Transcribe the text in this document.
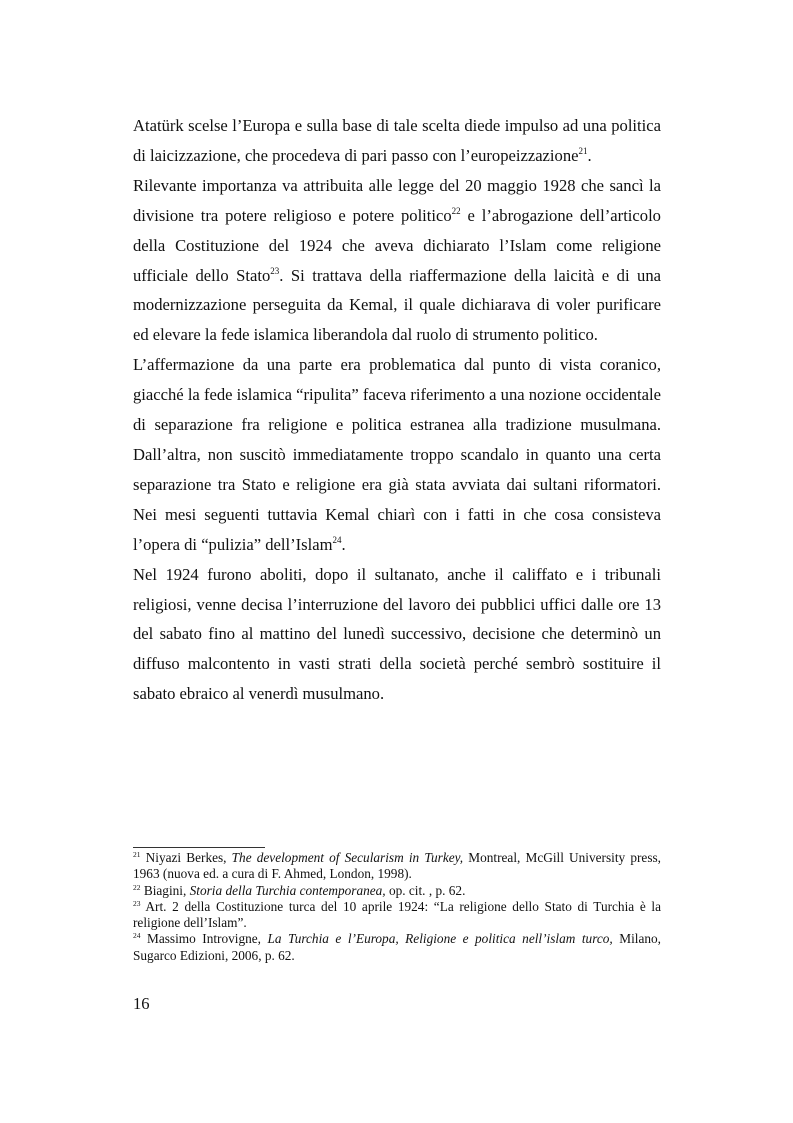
Atatürk scelse l’Europa e sulla base di tale scelta diede impulso ad una politica di laicizzazione, che procedeva di pari passo con l’europeizzazione$^{21}$.

Rilevante importanza va attribuita alle legge del 20 maggio 1928 che sancì la divisione tra potere religioso e potere politico$^{22}$ e l’abrogazione dell’articolo della Costituzione del 1924 che aveva dichiarato l’Islam come religione ufficiale dello Stato$^{23}$. Si trattava della riaffermazione della laicità e di una modernizzazione perseguita da Kemal, il quale dichiarava di voler purificare ed elevare la fede islamica liberandola dal ruolo di strumento politico.

L’affermazione da una parte era problematica dal punto di vista coranico, giacché la fede islamica “ripulita” faceva riferimento a una nozione occidentale di separazione fra religione e politica estranea alla tradizione musulmana. Dall’altra, non suscitò immediatamente troppo scandalo in quanto una certa separazione tra Stato e religione era già stata avviata dai sultani riformatori. Nei mesi seguenti tuttavia Kemal chiarì con i fatti in che cosa consisteva l’opera di “pulizia” dell’Islam$^{24}$.

Nel 1924 furono aboliti, dopo il sultanato, anche il califfato e i tribunali religiosi, venne decisa l’interruzione del lavoro dei pubblici uffici dalle ore 13 del sabato fino al mattino del lunedì successivo, decisione che determinò un diffuso malcontento in vasti strati della società perché sembrò sostituire il sabato ebraico al venerdì musulmano.

$^{21}$ Niyazi Berkes, The development of Secularism in Turkey, Montreal, McGill University press, 1963 (nuova ed. a cura di F. Ahmed, London, 1998).

$^{22}$ Biagini, Storia della Turchia contemporanea, op. cit. , p. 62.

$^{23}$ Art. 2 della Costituzione turca del 10 aprile 1924: “La religione dello Stato di Turchia è la religione dell’Islam”.

$^{24}$ Massimo Introvigne, La Turchia e l’Europa, Religione e politica nell’islam turco, Milano, Sugarco Edizioni, 2006, p. 62.

16
